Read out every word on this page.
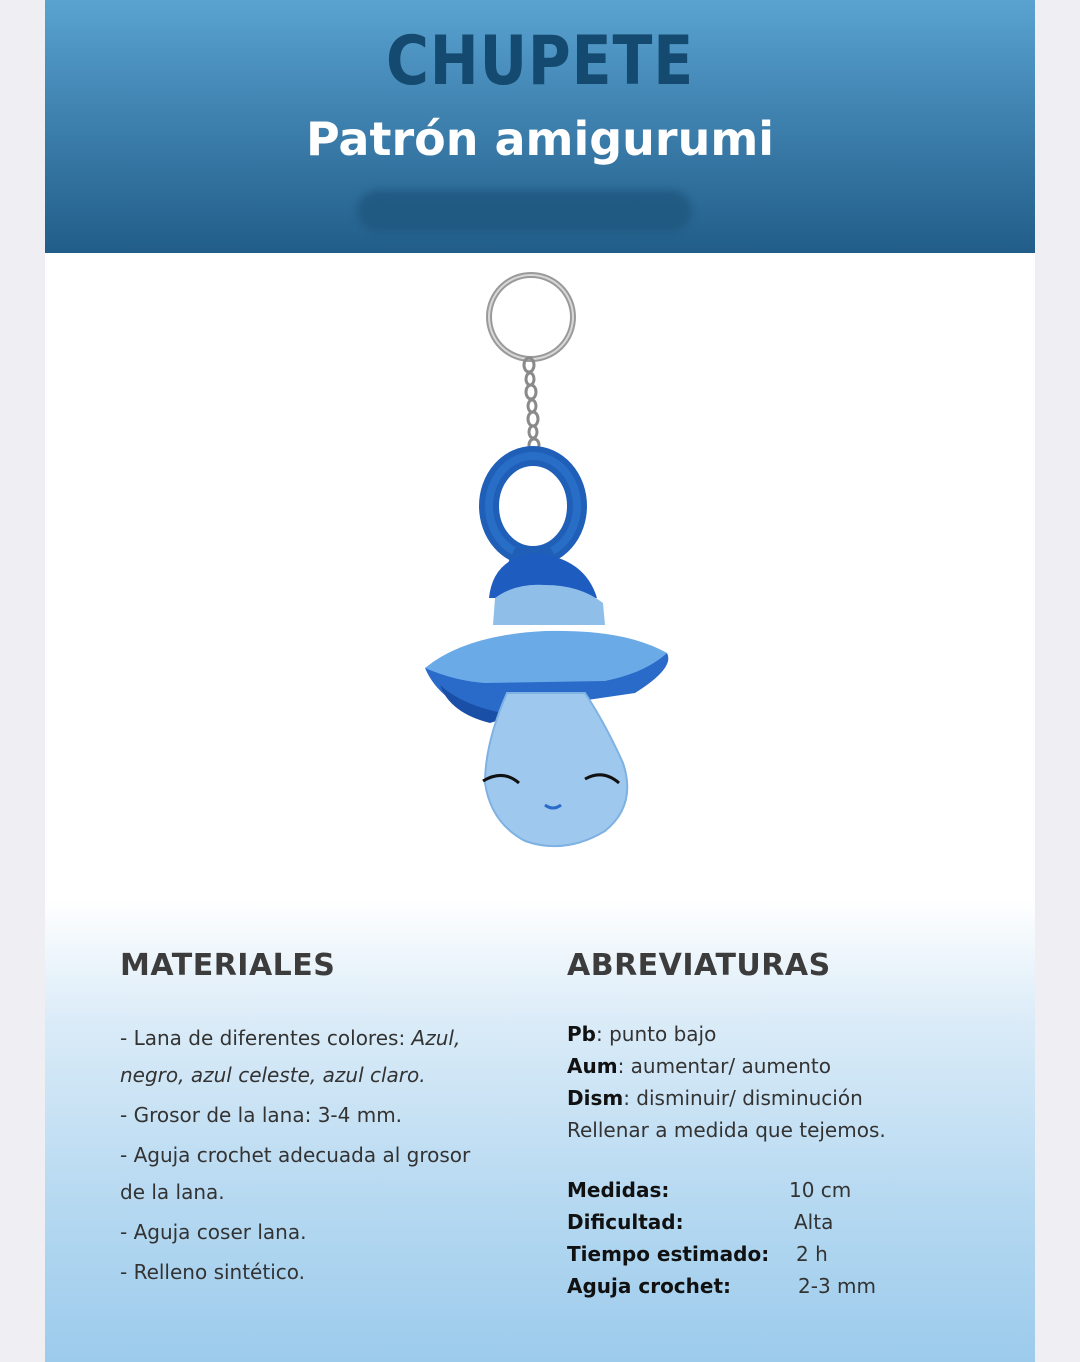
CHUPETE
Patrón amigurumi
MATERIALES	ABREVIATURAS
- Lana de diferentes colores: Azul,
negro, azul celeste, azul claro.
- Grosor de la lana: 3-4 mm.
- Aguja crochet adecuada al grosor
de la lana.
- Aguja coser lana.
- Relleno sintético.
Pb: punto bajo
Aum: aumentar/ aumento
Dism: disminuir/ disminución
Rellenar a medida que tejemos.
Medidas:	10 cm
Dificultad:	Alta
Tiempo estimado: 2 h
Aguja crochet:	2-3 mm
